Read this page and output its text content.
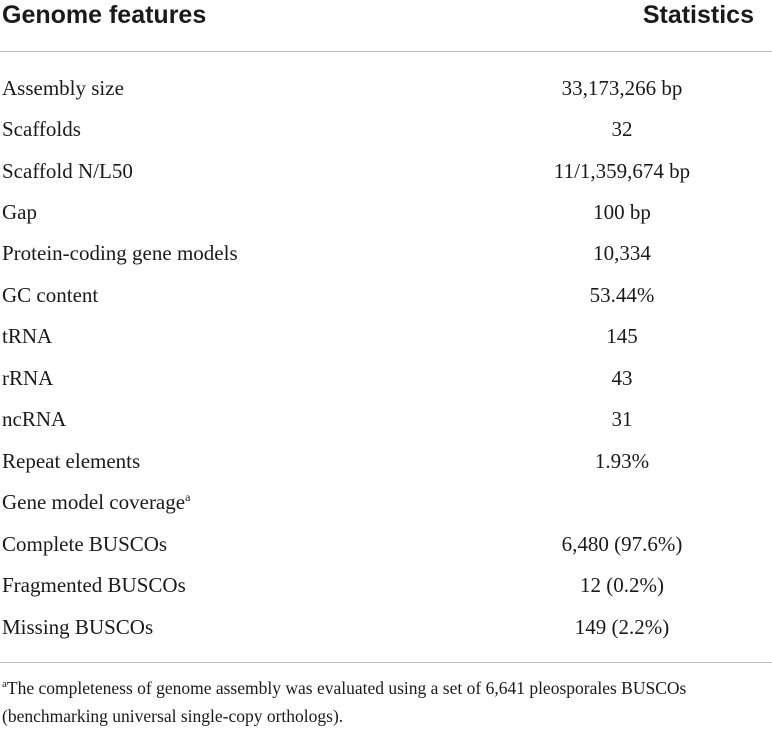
Genome features	Statistics
Assembly size	33,173,266 bp
Scaffolds	32
Scaffold N/L50	11/1,359,674 bp
Gap	100 bp
Protein-coding gene models	10,334
GC content	53.44%
tRNA	145
rRNA	43
ncRNA	31
Repeat elements	1.93%
Gene model coverage$^a$
Complete BUSCOs	6,480 (97.6%)
Fragmented BUSCOs	12 (0.2%)
Missing BUSCOs	149 (2.2%)
$^a$The completeness of genome assembly was evaluated using a set of 6,641 pleosporales BUSCOs (benchmarking universal single-copy orthologs).
